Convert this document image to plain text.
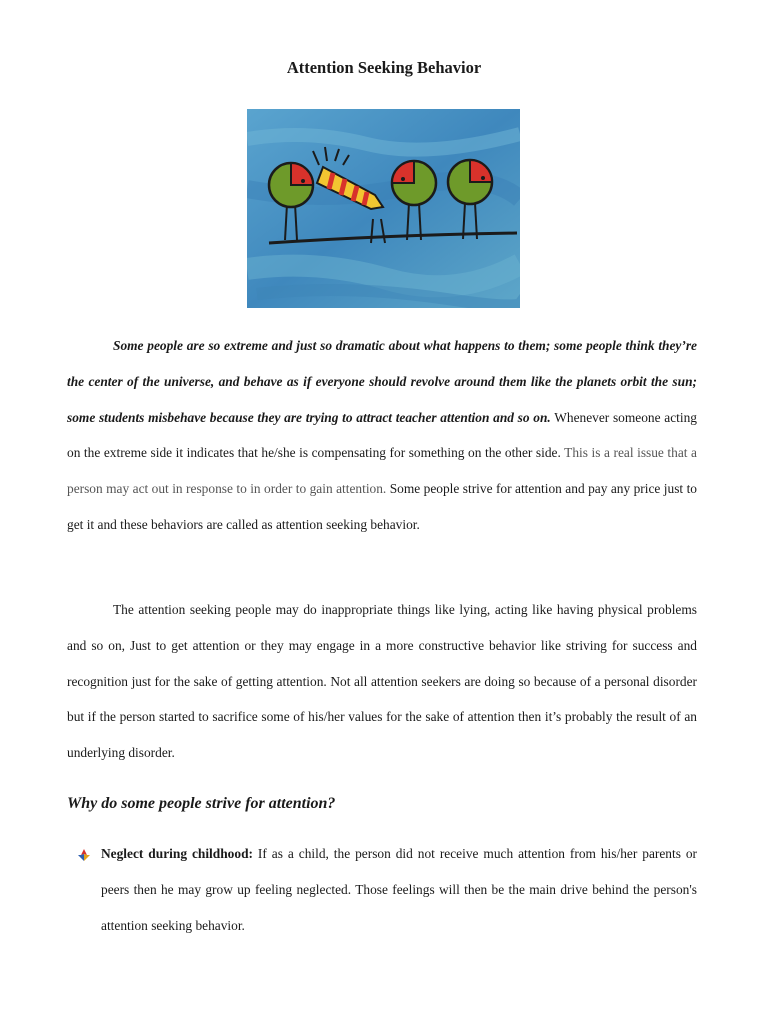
Attention Seeking Behavior

Some people are so extreme and just so dramatic about what happens to them; some people think they’re the center of the universe, and behave as if everyone should revolve around them like the planets orbit the sun; some students misbehave because they are trying to attract teacher attention and so on. Whenever someone acting on the extreme side it indicates that he/she is compensating for something on the other side. This is a real issue that a person may act out in response to in order to gain attention. Some people strive for attention and pay any price just to get it and these behaviors are called as attention seeking behavior.

The attention seeking people may do inappropriate things like lying, acting like having physical problems and so on, Just to get attention or they may engage in a more constructive behavior like striving for success and recognition just for the sake of getting attention. Not all attention seekers are doing so because of a personal disorder but if the person started to sacrifice some of his/her values for the sake of attention then it’s probably the result of an underlying disorder.

Why do some people strive for attention?
Neglect during childhood: If as a child, the person did not receive much attention from his/her parents or peers then he may grow up feeling neglected. Those feelings will then be the main drive behind the person's attention seeking behavior.
